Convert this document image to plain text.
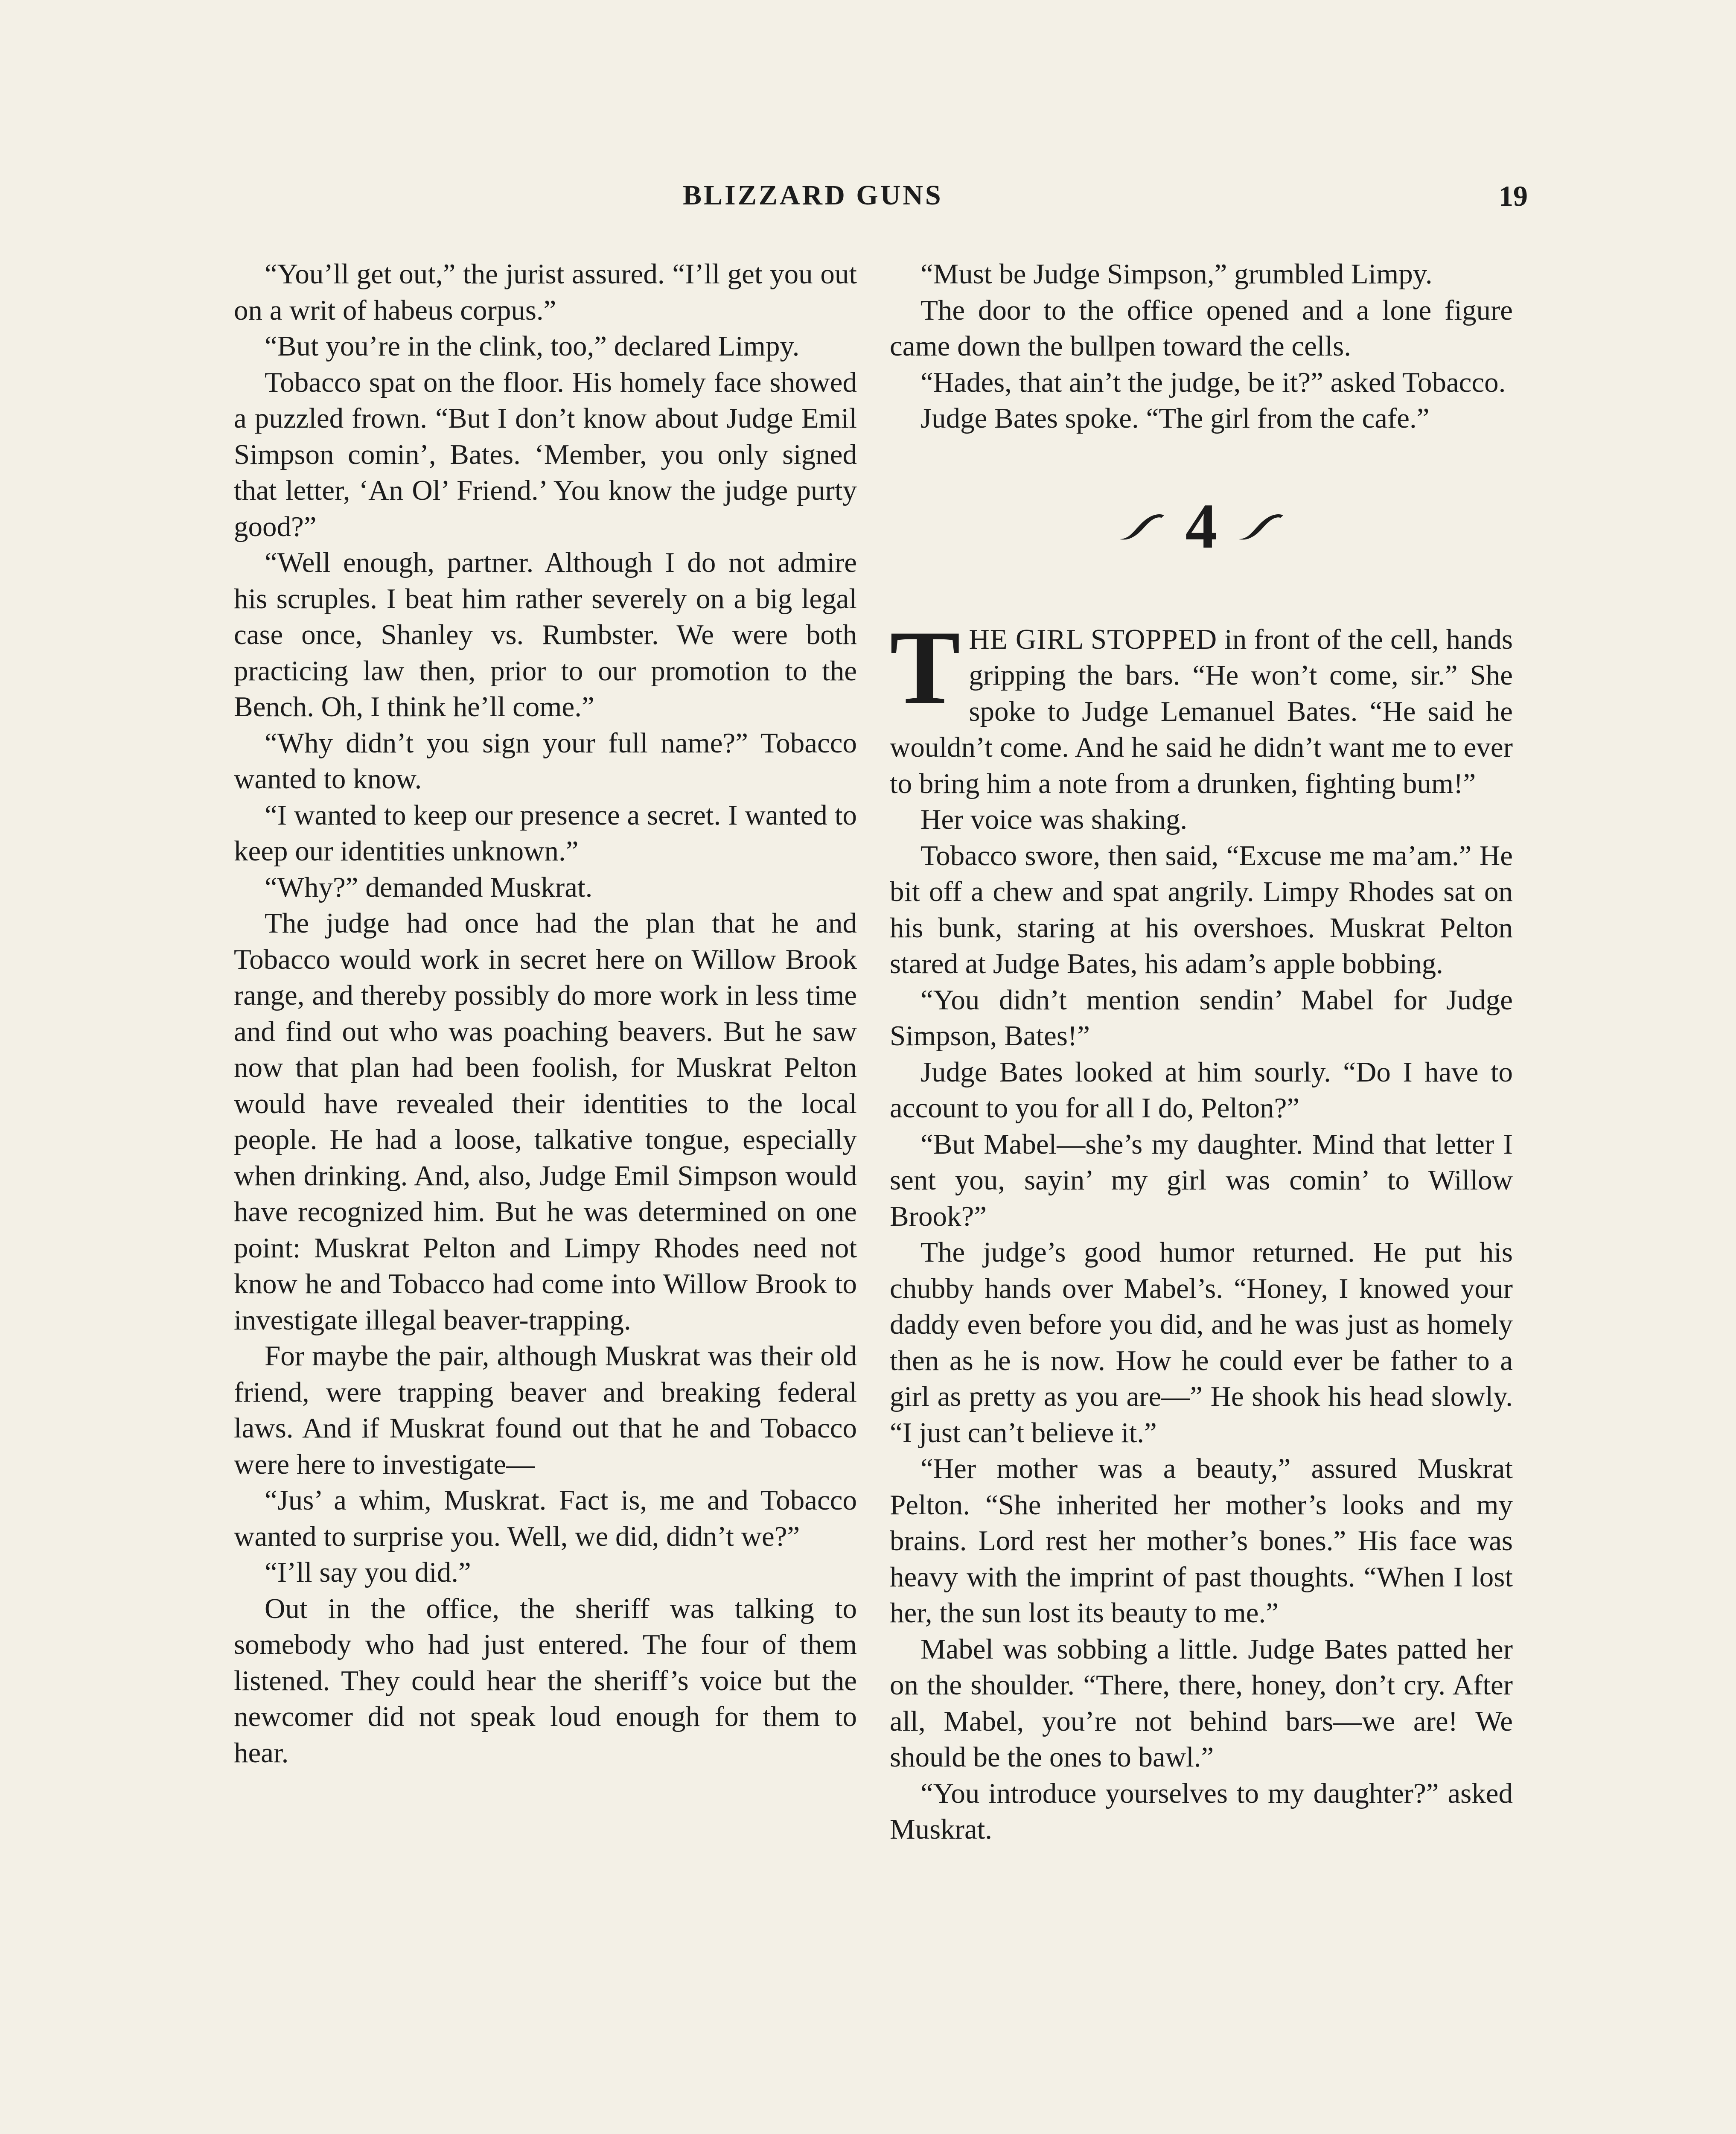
BLIZZARD GUNS	19

“You’ll get out,” the jurist assured. “I’ll get you out on a writ of habeus corpus.”

“But you’re in the clink, too,” declared Limpy.

Tobacco spat on the floor. His homely face showed a puzzled frown. “But I don’t know about Judge Emil Simpson comin’, Bates. ‘Member, you only signed that letter, ‘An Ol’ Friend.’ You know the judge purty good?”

“Well enough, partner. Although I do not admire his scruples. I beat him rather severely on a big legal case once, Shanley vs. Rumbster. We were both practicing law then, prior to our promotion to the Bench. Oh, I think he’ll come.”

“Why didn’t you sign your full name?” Tobacco wanted to know.

“I wanted to keep our presence a secret. I wanted to keep our identities unknown.”

“Why?” demanded Muskrat.

The judge had once had the plan that he and Tobacco would work in secret here on Willow Brook range, and thereby possibly do more work in less time and find out who was poaching beavers. But he saw now that plan had been foolish, for Muskrat Pelton would have revealed their identities to the local people. He had a loose, talkative tongue, especially when drinking. And, also, Judge Emil Simpson would have recognized him. But he was determined on one point: Muskrat Pelton and Limpy Rhodes need not know he and Tobacco had come into Willow Brook to investigate illegal beaver-trapping.

For maybe the pair, although Muskrat was their old friend, were trapping beaver and breaking federal laws. And if Muskrat found out that he and Tobacco were here to investigate—

“Jus’ a whim, Muskrat. Fact is, me and Tobacco wanted to surprise you. Well, we did, didn’t we?”

“I’ll say you did.”

Out in the office, the sheriff was talking to somebody who had just entered. The four of them listened. They could hear the sheriff’s voice but the newcomer did not speak loud enough for them to hear.

“Must be Judge Simpson,” grumbled Limpy.

The door to the office opened and a lone figure came down the bullpen toward the cells.

“Hades, that ain’t the judge, be it?” asked Tobacco.

Judge Bates spoke. “The girl from the cafe.”

4
T HE GIRL STOPPED in front of the cell, hands gripping the bars. “He won’t come, sir.” She spoke to Judge Lemanuel Bates. “He said he wouldn’t come. And he said he didn’t want me to ever to bring him a note from a drunken, fighting bum!”

Her voice was shaking.

Tobacco swore, then said, “Excuse me ma’am.” He bit off a chew and spat angrily. Limpy Rhodes sat on his bunk, staring at his overshoes. Muskrat Pelton stared at Judge Bates, his adam’s apple bobbing.

“You didn’t mention sendin’ Mabel for Judge Simpson, Bates!”

Judge Bates looked at him sourly. “Do I have to account to you for all I do, Pelton?”

“But Mabel—she’s my daughter. Mind that letter I sent you, sayin’ my girl was comin’ to Willow Brook?”

The judge’s good humor returned. He put his chubby hands over Mabel’s. “Honey, I knowed your daddy even before you did, and he was just as homely then as he is now. How he could ever be father to a girl as pretty as you are—” He shook his head slowly. “I just can’t believe it.”

“Her mother was a beauty,” assured Muskrat Pelton. “She inherited her mother’s looks and my brains. Lord rest her mother’s bones.” His face was heavy with the imprint of past thoughts. “When I lost her, the sun lost its beauty to me.”

Mabel was sobbing a little. Judge Bates patted her on the shoulder. “There, there, honey, don’t cry. After all, Mabel, you’re not behind bars—we are! We should be the ones to bawl.”

“You introduce yourselves to my daughter?” asked Muskrat.
